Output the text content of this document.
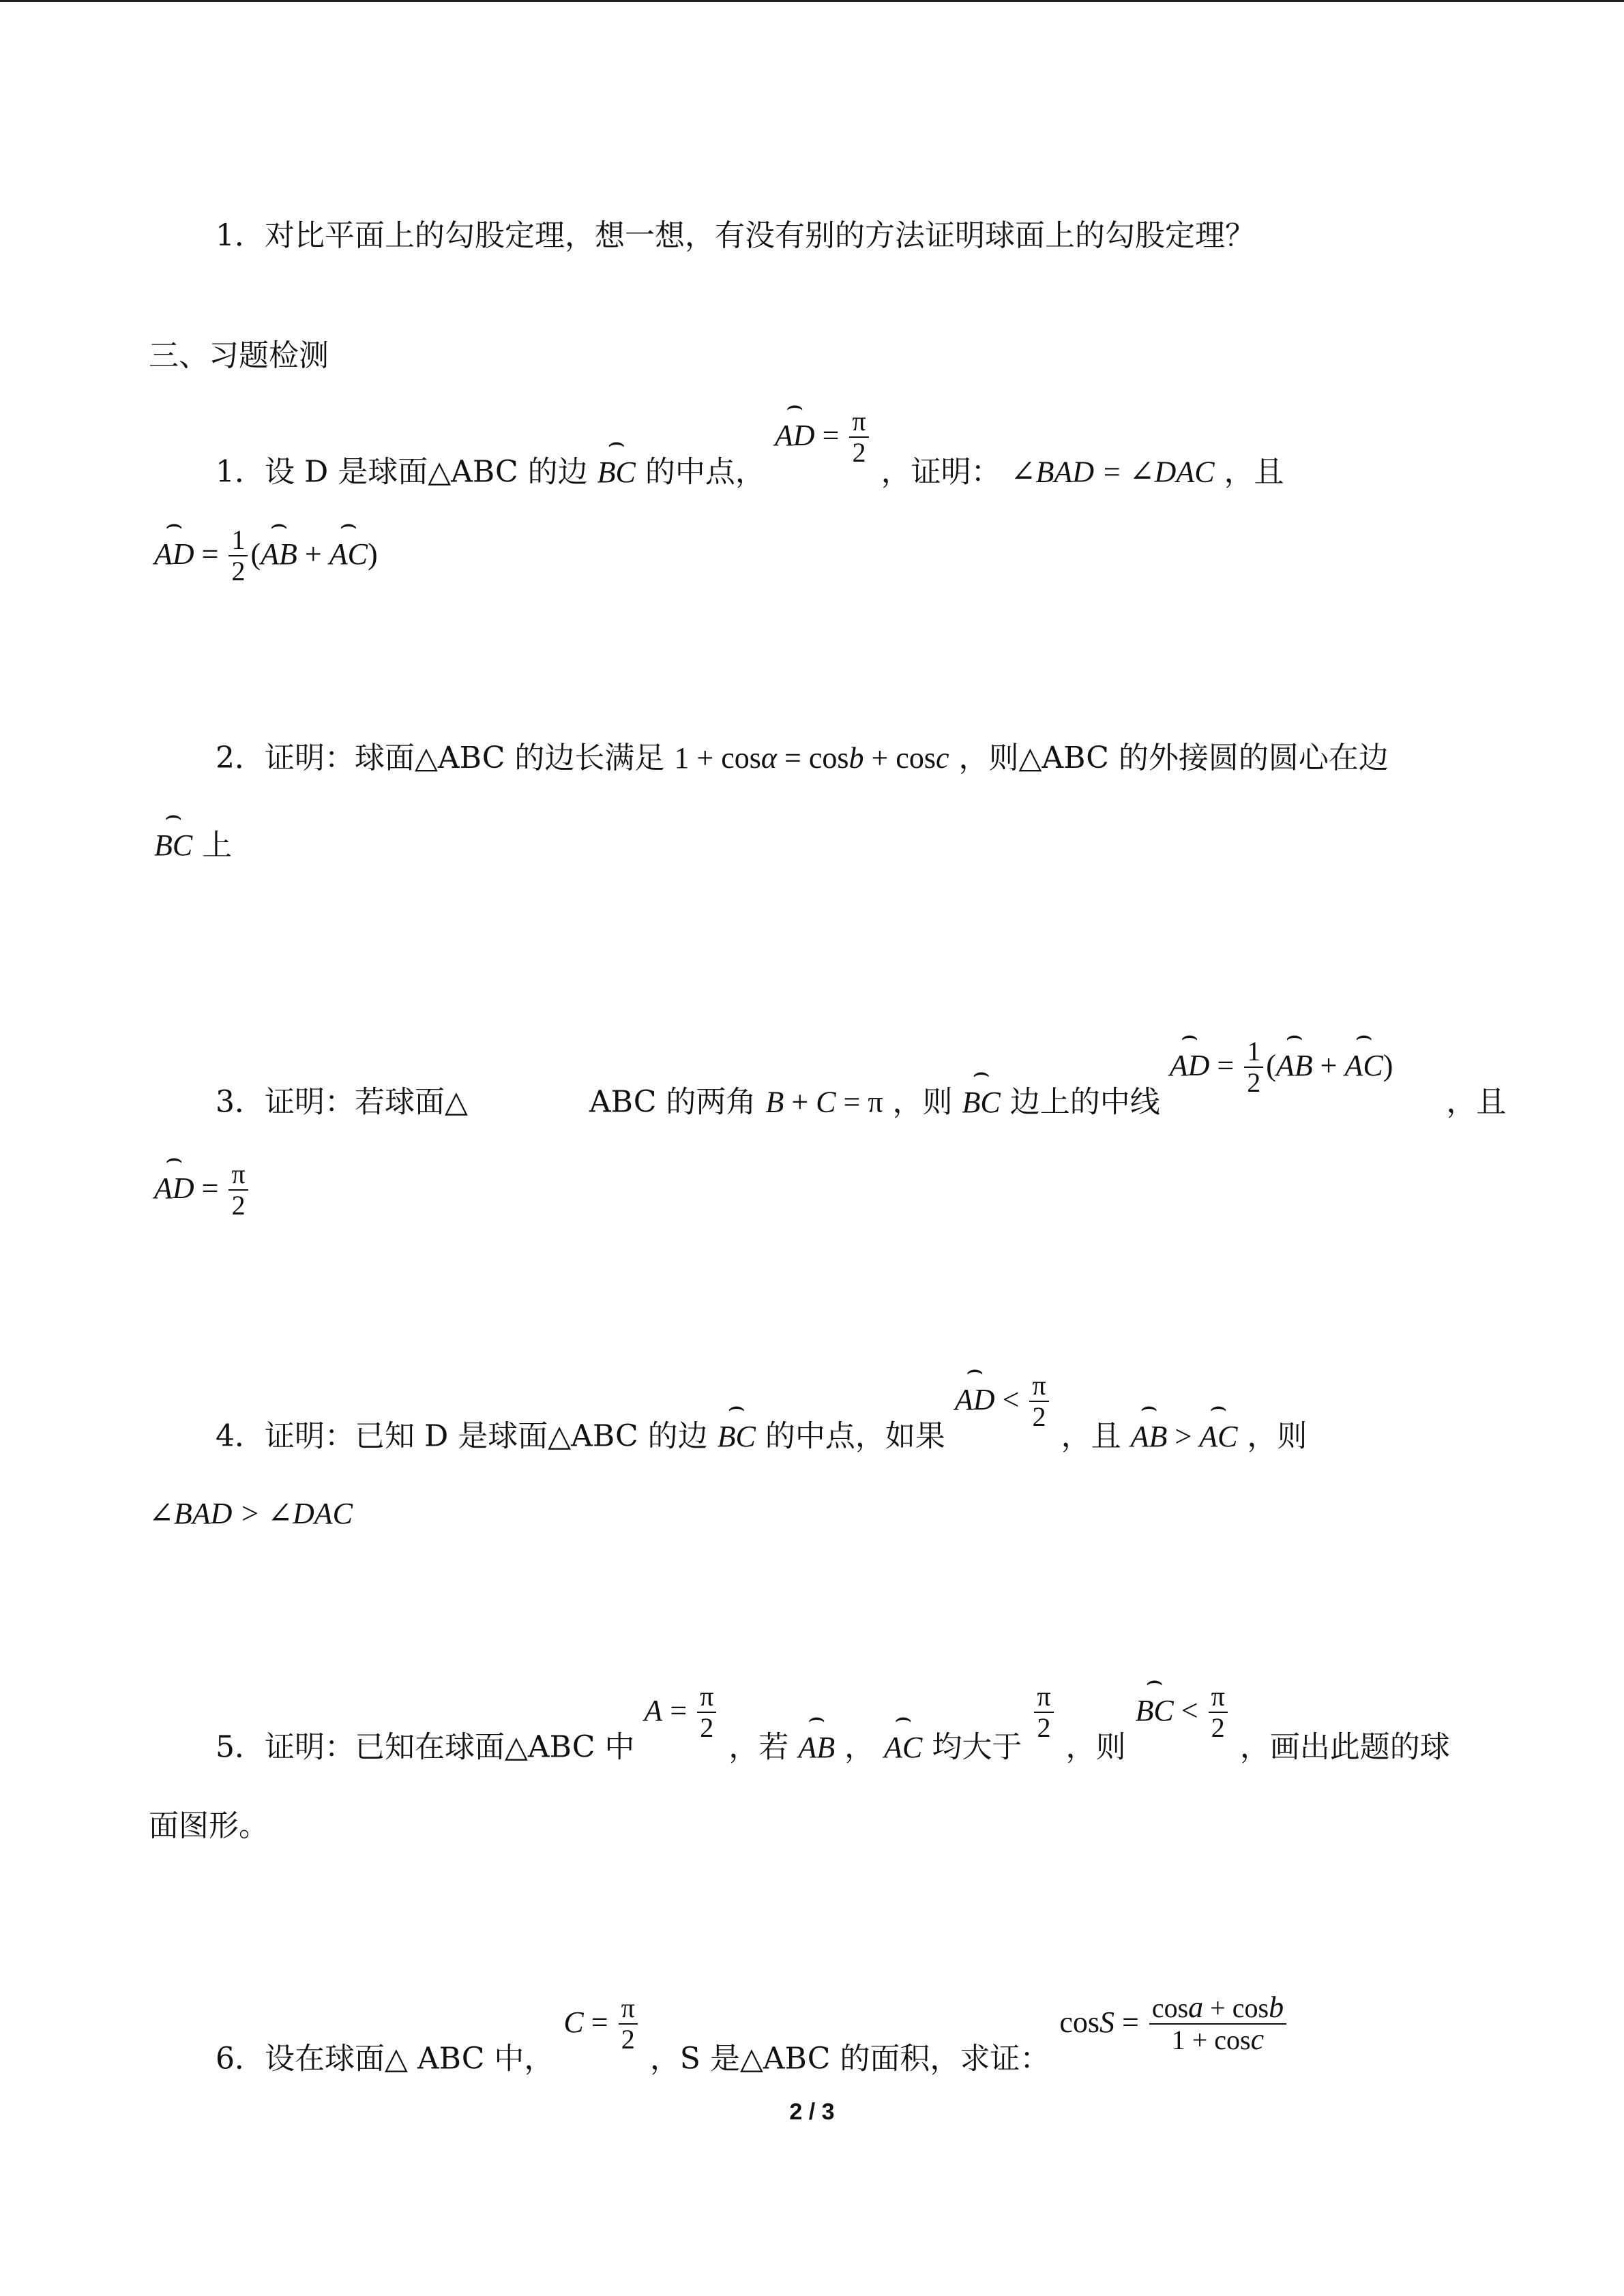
1．对比平面上的勾股定理，想一想，有没有别的方法证明球面上的勾股定理？
三、习题检测
1．设 D 是球面△ABC 的边 ⌢ BC 的中点， ⌢ AD = $\frac{\pi}{2}$
，证明： ∠BAD = ∠DAC ，且
⌢ AD = $\frac{1}{2}$ (⌢ AB + ⌢ AC)
2．证明：球面△ABC 的边长满足 1 + cosα = cosb + cosc ，则△ABC 的外接圆的圆心在边
⌢ BC 上
3．证明：若球面△	ABC 的两角 B + C = π ，则 ⌢ BC 边上的中线 ⌢ AD = $\frac{1}{2}$ (⌢ AB + ⌢ AC)  ，且
⌢ AD = $\frac{\pi}{2}$
4．证明：已知 D 是球面△ABC 的边 ⌢ BC 的中点，如果 ⌢ AD < $\frac{\pi}{2}$
，且 ⌢ AB > ⌢ AC ，则
∠BAD > ∠DAC
5．证明：已知在球面△ABC 中 $A = \frac{\pi}{2}$
，若 ⌢ AB ， ⌢ AC 均大于
$\frac{\pi}{2}$
，则 ⌢ BC < $\frac{\pi}{2}$
，画出此题的球
面图形。
6．设在球面△ ABC 中， $C = \frac{\pi}{2}$
，S 是△ABC 的面积，求证： $\cos S = \frac{\cos a + \cos b}{1 + \cos c}$
2 / 3
